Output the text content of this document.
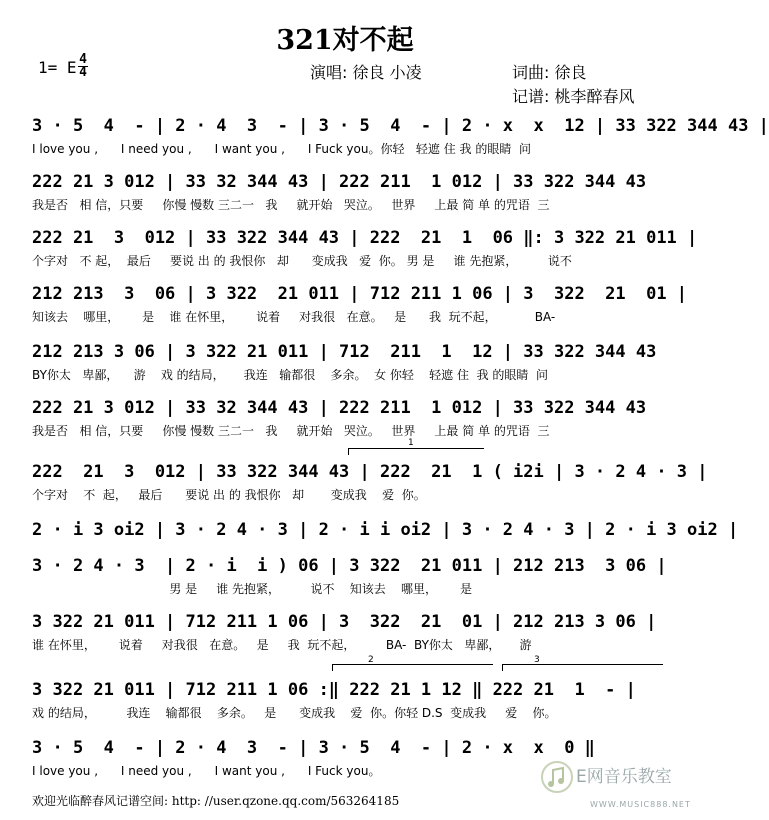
321对不起
1= E 4
4	演唱: 徐良 小凌	词曲: 徐良
记谱: 桃李醉春风
3 · 5  4  - | 2 · 4  3  - | 3 · 5  4  - | 2 · x  x  12 | 33 322 344 43 |
I love you ,      I need you ,      I want you ,      I Fuck you。你轻   轻遮 住 我 的眼睛  问
222 21 3 012 | 33 32 344 43 | 222 211  1 012 | 33 322 344 43
我是否   相 信，只要     你慢 慢数 三二一   我     就开始   哭泣。   世界     上最 简 单 的咒语  三
222 21  3  012 | 33 322 344 43 | 222  21  1  06 ‖: 3 322 21 011 |
个字对   不 起，  最后     要说 出 的 我恨你   却      变成我   爱  你。 男 是     谁 先抱紧，        说不
212 213  3  06 | 3 322  21 011 | 712 211 1 06 | 3  322  21  01 |
知该去    哪里，      是    谁 在怀里，      说着     对我很   在意。   是      我  玩不起，          BA-
212 213 3 06 | 3 322 21 011 | 712  211  1  12 | 33 322 344 43
BY你太   卑鄙，    游    戏 的结局，     我连   输都很    多余。  女 你轻    轻遮 住  我 的眼睛  问
222 21 3 012 | 33 32 344 43 | 222 211  1 012 | 33 322 344 43
我是否   相 信，只要     你慢 慢数 三二一   我     就开始   哭泣。   世界     上最 简 单 的咒语  三
1
222  21  3  012 | 33 322 344 43 | 222  21  1 ( i2i | 3 · 2 4 · 3 |
个字对    不  起，   最后      要说 出 的 我恨你   却       变成我    爱  你。
2 · i 3 oi2 | 3 · 2 4 · 3 | 2 · i i oi2 | 3 · 2 4 · 3 | 2 · i 3 oi2 |
3 · 2 4 · 3  | 2 · i  i ) 06 | 3 322  21 011 | 212 213  3 06 |
男 是     谁 先抱紧，        说不    知该去    哪里，      是
3 322 21 011 | 712 211 1 06 | 3  322  21  01 | 212 213 3 06 |
谁 在怀里，      说着     对我很   在意。   是     我  玩不起，        BA-  BY你太   卑鄙，     游
2	3
3 322 21 011 | 712 211 1 06 :‖ 222 21 1 12 ‖ 222 21  1  - |
戏 的结局，        我连    输都很    多余。   是      变成我    爱  你。你轻 D.S  变成我     爱    你。
3 · 5  4  - | 2 · 4  3  - | 3 · 5  4  - | 2 · x  x  0 ‖
I love you ,      I need you ,      I want you ,      I Fuck you。	E网音乐教室
WWW.MUSIC888.NET
欢迎光临醉春风记谱空间: http: //user.qzone.qq.com/563264185
